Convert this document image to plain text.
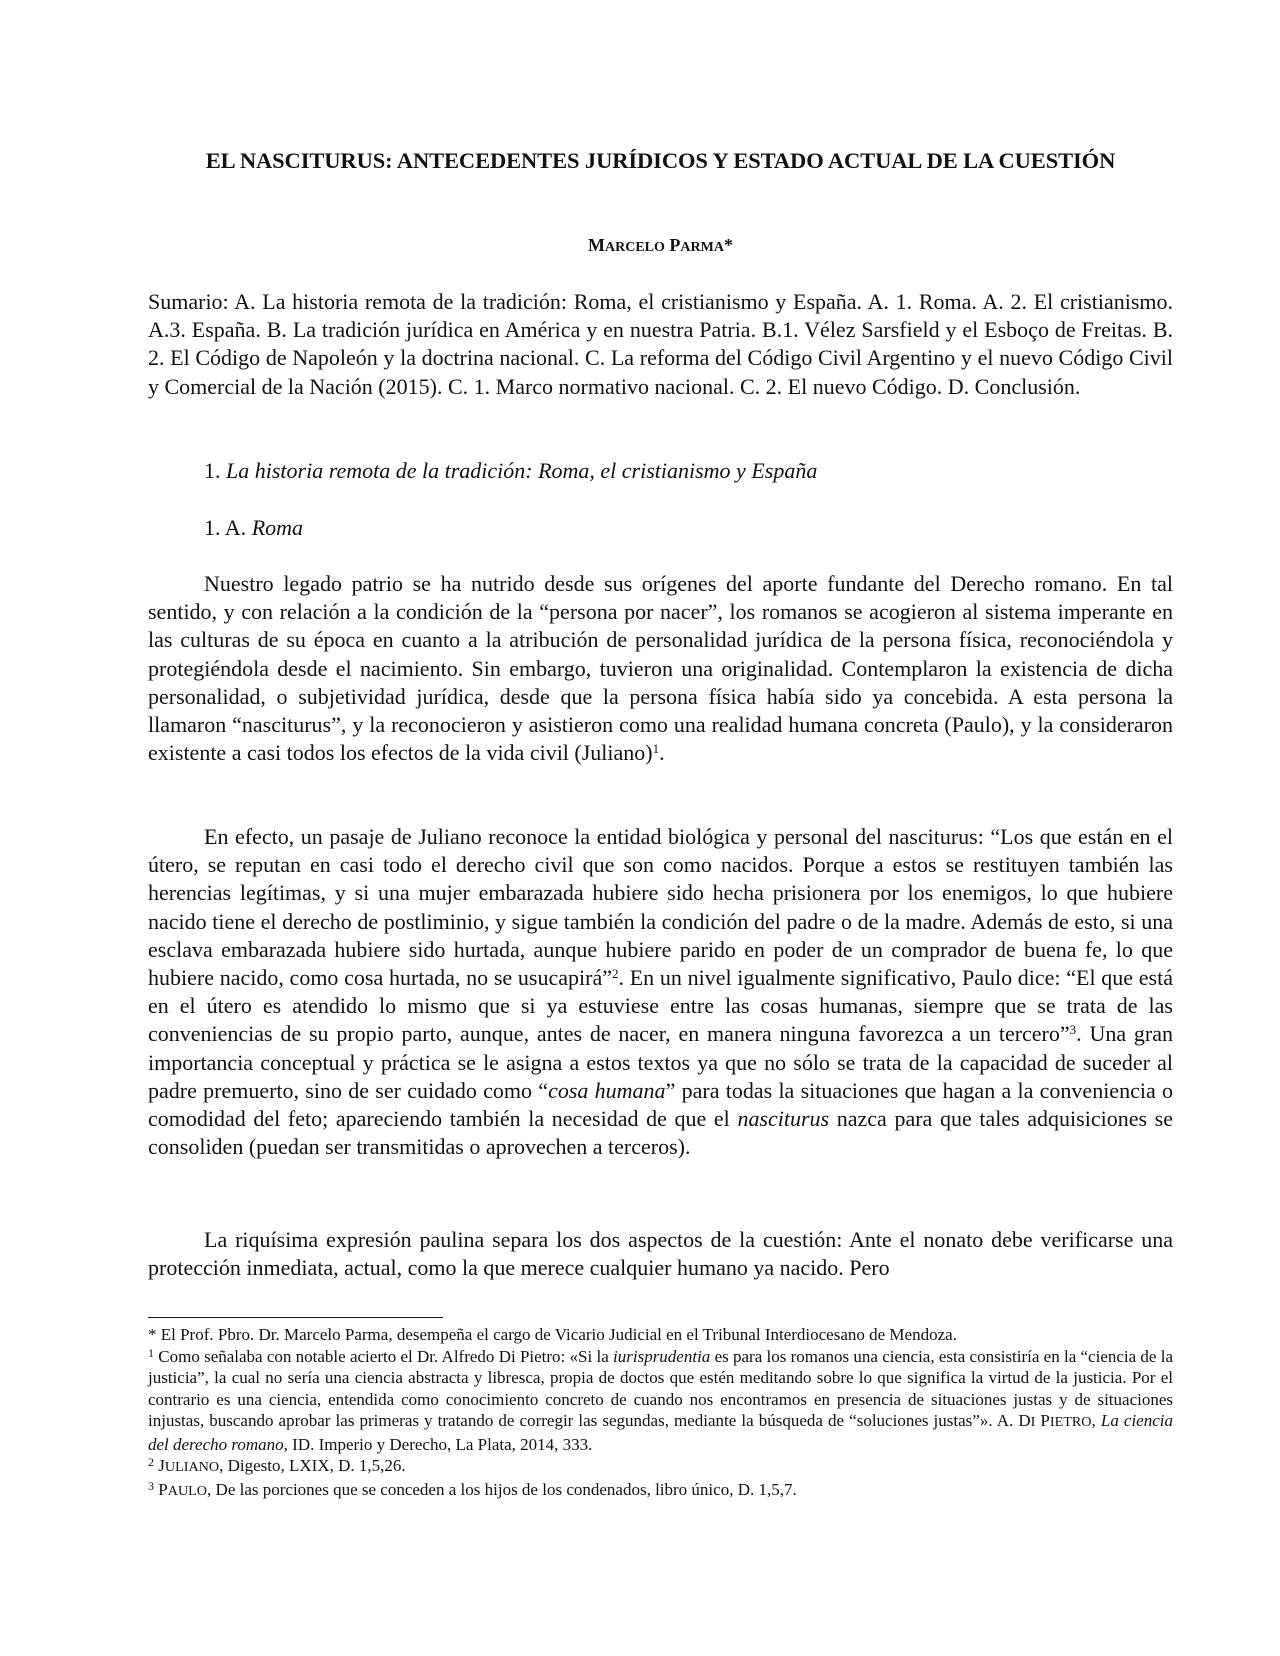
EL NASCITURUS: ANTECEDENTES JURÍDICOS Y ESTADO ACTUAL DE LA CUESTIÓN
MARCELO PARMA*

Sumario: A. La historia remota de la tradición: Roma, el cristianismo y España. A. 1. Roma. A. 2. El cristianismo. A.3. España. B. La tradición jurídica en América y en nuestra Patria. B.1. Vélez Sarsfield y el Esboço de Freitas. B. 2. El Código de Napoleón y la doctrina nacional. C. La reforma del Código Civil Argentino y el nuevo Código Civil y Comercial de la Nación (2015). C. 1. Marco normativo nacional. C. 2. El nuevo Código. D. Conclusión.

1. La historia remota de la tradición: Roma, el cristianismo y España
1. A. Roma

Nuestro legado patrio se ha nutrido desde sus orígenes del aporte fundante del Derecho romano. En tal sentido, y con relación a la condición de la “persona por nacer”, los romanos se acogieron al sistema imperante en las culturas de su época en cuanto a la atribución de personalidad jurídica de la persona física, reconociéndola y protegiéndola desde el nacimiento. Sin embargo, tuvieron una originalidad. Contemplaron la existencia de dicha personalidad, o subjetividad jurídica, desde que la persona física había sido ya concebida. A esta persona la llamaron “nasciturus”, y la reconocieron y asistieron como una realidad humana concreta (Paulo), y la consideraron existente a casi todos los efectos de la vida civil (Juliano)$^1$.

En efecto, un pasaje de Juliano reconoce la entidad biológica y personal del nasciturus: “Los que están en el útero, se reputan en casi todo el derecho civil que son como nacidos. Porque a estos se restituyen también las herencias legítimas, y si una mujer embarazada hubiere sido hecha prisionera por los enemigos, lo que hubiere nacido tiene el derecho de postliminio, y sigue también la condición del padre o de la madre. Además de esto, si una esclava embarazada hubiere sido hurtada, aunque hubiere parido en poder de un comprador de buena fe, lo que hubiere nacido, como cosa hurtada, no se usucapirá”$^2$. En un nivel igualmente significativo, Paulo dice: “El que está en el útero es atendido lo mismo que si ya estuviese entre las cosas humanas, siempre que se trata de las conveniencias de su propio parto, aunque, antes de nacer, en manera ninguna favorezca a un tercero”$^3$. Una gran importancia conceptual y práctica se le asigna a estos textos ya que no sólo se trata de la capacidad de suceder al padre premuerto, sino de ser cuidado como “cosa humana” para todas la situaciones que hagan a la conveniencia o comodidad del feto; apareciendo también la necesidad de que el nasciturus nazca para que tales adquisiciones se consoliden (puedan ser transmitidas o aprovechen a terceros).

La riquísima expresión paulina separa los dos aspectos de la cuestión: Ante el nonato debe verificarse una protección inmediata, actual, como la que merece cualquier humano ya nacido. Pero

* El Prof. Pbro. Dr. Marcelo Parma, desempeña el cargo de Vicario Judicial en el Tribunal Interdiocesano de Mendoza.

$^1$ Como señalaba con notable acierto el Dr. Alfredo Di Pietro: «Si la iurisprudentia es para los romanos una ciencia, esta consistiría en la “ciencia de la justicia”, la cual no sería una ciencia abstracta y libresca, propia de doctos que estén meditando sobre lo que significa la virtud de la justicia. Por el contrario es una ciencia, entendida como conocimiento concreto de cuando nos encontramos en presencia de situaciones justas y de situaciones injustas, buscando aprobar las primeras y tratando de corregir las segundas, mediante la búsqueda de “soluciones justas”». A. DI PIETRO, La ciencia del derecho romano, ID. Imperio y Derecho, La Plata, 2014, 333.

$^2$ JULIANO, Digesto, LXIX, D. 1,5,26.

$^3$ PAULO, De las porciones que se conceden a los hijos de los condenados, libro único, D. 1,5,7.
